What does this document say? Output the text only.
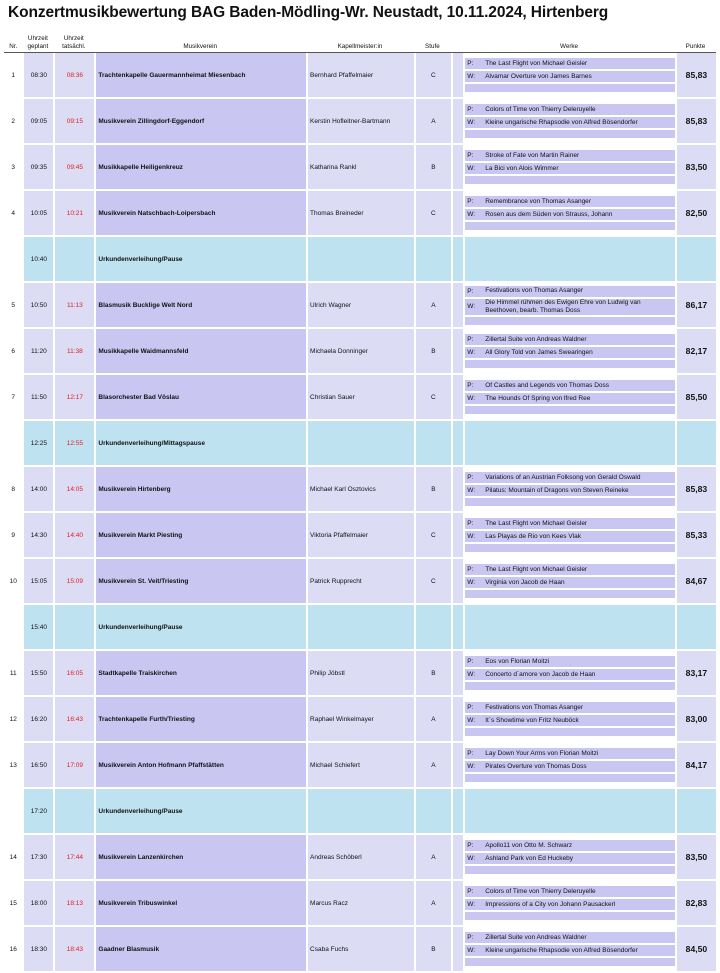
Konzertmusikbewertung BAG Baden-Mödling-Wr. Neustadt, 10.11.2024, Hirtenberg
Nr.	Uhrzeit geplant	Uhrzeit tatsächl.	Musikverein	Kapellmeister:in	Stufe		Werke	Punkte
1	08:30	08:36	Trachtenkapelle Gauermannheimat Miesenbach	Bernhard Pfaffelmaier	C		P: The Last Flight von Michael Geisler
W: Alvamar Overture von James Barnes	85,83
2	09:05	09:15	Musikverein Zillingdorf-Eggendorf	Kerstin Hofleitner-Bartmann	A		P: Colors of Time von Thierry Deleruyelle
W: Kleine ungarische Rhapsodie von Alfred Bösendorfer	85,83
3	09:35	09:45	Musikkapelle Heiligenkreuz	Katharina Rankl	B		P: Stroke of Fate von Martin Rainer
W: La Bici von Alois Wimmer	83,50
4	10:05	10:21	Musikverein Natschbach-Loipersbach	Thomas Breineder	C		P: Remembrance von Thomas Asanger
W: Rosen aus dem Süden von Strauss, Johann	82,50
	10:40		Urkundenverleihung/Pause					
5	10:50	11:13	Blasmusik Bucklige Welt Nord	Ulrich Wagner	A		P: Festivations von Thomas Asanger
W:
Die Himmel rühmen des Ewigen Ehre von Ludwig van Beethoven, bearb. Thomas Doss	86,17
6	11:20	11:38	Musikkapelle Waidmannsfeld	Michaela Donninger	B		P: Zillertal Suite von Andreas Waldner
W: All Glory Told von James Swearingen	82,17
7	11:50	12:17	Blasorchester Bad Vöslau	Christian Sauer	C		P: Of Castles and Legends von Thomas Doss
W: The Hounds Of Spring von lfred Ree	85,50
	12:25	12:55	Urkundenverleihung/Mittagspause					
8	14:00	14:05	Musikverein Hirtenberg	Michael Karl Osztovics	B		P: Variations of an Austrian Folksong von Gerald Oswald
W: Pilatus: Mountain of Dragons von Steven Reineke	85,83
9	14:30	14:40	Musikverein Markt Piesting	Viktoria Pfaffelmaier	C		P: The Last Flight von Michael Geisler
W: Las Playas de Rio von Kees Vlak	85,33
10	15:05	15:09	Musikverein St. Veit/Triesting	Patrick Rupprecht	C		P: The Last Flight von Michael Geisler
W: Virginia von Jacob de Haan	84,67
	15:40		Urkundenverleihung/Pause					
11	15:50	16:05	Stadtkapelle Traiskirchen	Philip Jöbstl	B		P: Eos von Florian Moitzi
W: Concerto d´amore von Jacob de Haan	83,17
12	16:20	16:43	Trachtenkapelle Furth/Triesting	Raphael Winkelmayer	A		P: Festivations von Thomas Asanger
W: It´s Showtime von Fritz Neuböck	83,00
13	16:50	17:09	Musikverein Anton Hofmann Pfaffstätten	Michael Schiefert	A		P: Lay Down Your Arms von Florian Moitzi
W: Pirates Overture von Thomas Doss	84,17
	17:20		Urkundenverleihung/Pause					
14	17:30	17:44	Musikverein Lanzenkirchen	Andreas Schöberl	A		P: Apollo11 von Otto M. Schwarz
W: Ashland Park von Ed Huckeby	83,50
15	18:00	18:13	Musikverein Tribuswinkel	Marcus Racz	A		P: Colors of Time von Thierry Deleruyelle
W: Impressions of a City von Johann Pausackerl	82,83
16	18:30	18:43	Gaadner Blasmusik	Csaba Fuchs	B		P: Zillertal Suite von Andreas Waldner
W: Kleine ungarische Rhapsodie von Alfred Bösendorfer	84,50
